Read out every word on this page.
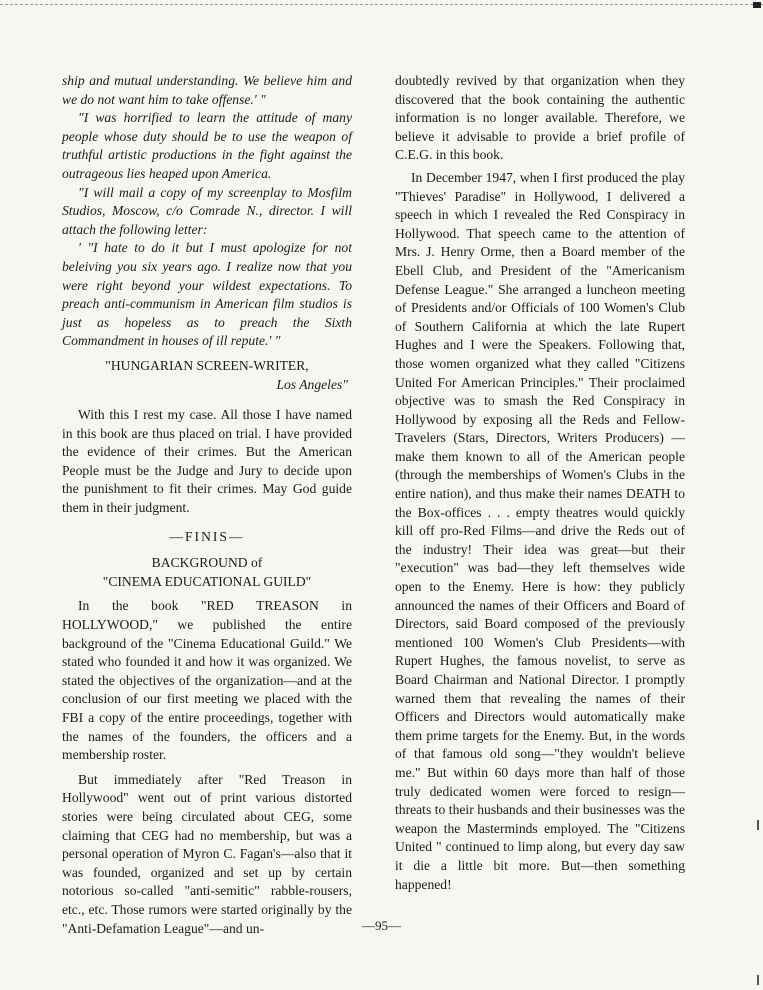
ship and mutual understanding. We believe him and we do not want him to take offense.' "

"I was horrified to learn the attitude of many people whose duty should be to use the weapon of truthful artistic productions in the fight against the outrageous lies heaped upon America.

"I will mail a copy of my screenplay to Mosfilm Studios, Moscow, c/o Comrade N., director. I will attach the following letter:

' "I hate to do it but I must apologize for not beleiving you six years ago. I realize now that you were right beyond your wildest expectations. To preach anti-communism in American film studios is just as hopeless as to preach the Sixth Commandment in houses of ill repute.' "

"HUNGARIAN SCREEN-WRITER,

Los Angeles"

With this I rest my case. All those I have named in this book are thus placed on trial. I have provided the evidence of their crimes. But the American People must be the Judge and Jury to decide upon the punishment to fit their crimes. May God guide them in their judgment.

—FINIS—

BACKGROUND of

"CINEMA EDUCATIONAL GUILD"

In the book "RED TREASON in HOLLYWOOD," we published the entire background of the "Cinema Educational Guild." We stated who founded it and how it was organized. We stated the objectives of the organization—and at the conclusion of our first meeting we placed with the FBI a copy of the entire proceedings, together with the names of the founders, the officers and a membership roster.

But immediately after "Red Treason in Hollywood" went out of print various distorted stories were being circulated about CEG, some claiming that CEG had no membership, but was a personal operation of Myron C. Fagan's—also that it was founded, organized and set up by certain notorious so-called "anti-semitic" rabble-rousers, etc., etc. Those rumors were started originally by the "Anti-Defamation League"—and un-

doubtedly revived by that organization when they discovered that the book containing the authentic information is no longer available. Therefore, we believe it advisable to provide a brief profile of C.E.G. in this book.

In December 1947, when I first produced the play "Thieves' Paradise" in Hollywood, I delivered a speech in which I revealed the Red Conspiracy in Hollywood. That speech came to the attention of Mrs. J. Henry Orme, then a Board member of the Ebell Club, and President of the "Americanism Defense League." She arranged a luncheon meeting of Presidents and/or Officials of 100 Women's Club of Southern California at which the late Rupert Hughes and I were the Speakers. Following that, those women organized what they called "Citizens United For American Principles." Their proclaimed objective was to smash the Red Conspiracy in Hollywood by exposing all the Reds and Fellow-Travelers (Stars, Directors, Writers Producers) —make them known to all of the American people (through the memberships of Women's Clubs in the entire nation), and thus make their names DEATH to the Box-offices . . . empty theatres would quickly kill off pro-Red Films—and drive the Reds out of the industry! Their idea was great—but their "execution" was bad—they left themselves wide open to the Enemy. Here is how: they publicly announced the names of their Officers and Board of Directors, said Board composed of the previously mentioned 100 Women's Club Presidents—with Rupert Hughes, the famous novelist, to serve as Board Chairman and National Director. I promptly warned them that revealing the names of their Officers and Directors would automatically make them prime targets for the Enemy. But, in the words of that famous old song—"they wouldn't believe me." But within 60 days more than half of those truly dedicated women were forced to resign—threats to their husbands and their businesses was the weapon the Masterminds employed. The "Citizens United " continued to limp along, but every day saw it die a little bit more. But—then something happened!

—95—
